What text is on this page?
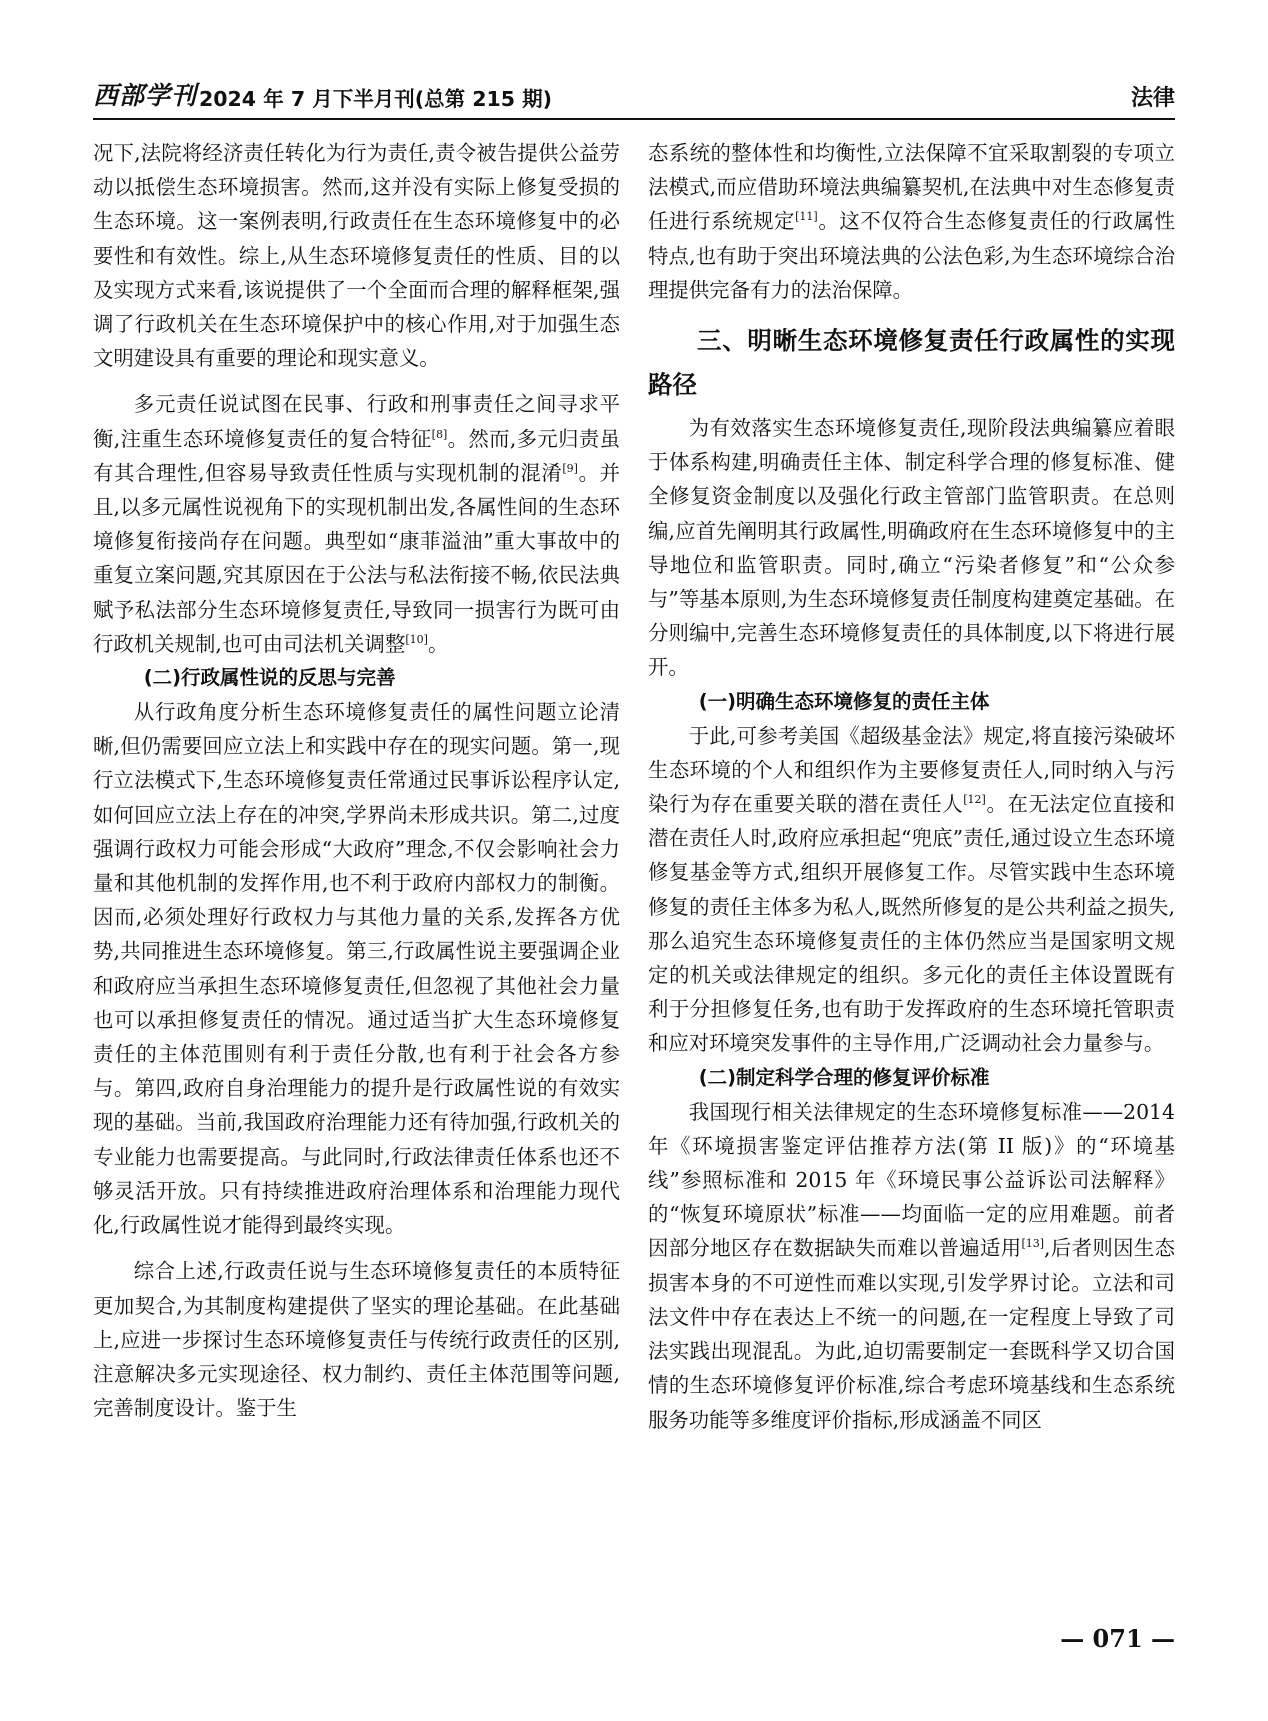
西部学刊 2024 年 7 月下半月刊(总第 215 期)	法律

况下,法院将经济责任转化为行为责任,责令被告提供公益劳动以抵偿生态环境损害。然而,这并没有实际上修复受损的生态环境。这一案例表明,行政责任在生态环境修复中的必要性和有效性。综上,从生态环境修复责任的性质、目的以及实现方式来看,该说提供了一个全面而合理的解释框架,强调了行政机关在生态环境保护中的核心作用,对于加强生态文明建设具有重要的理论和现实意义。

多元责任说试图在民事、行政和刑事责任之间寻求平衡,注重生态环境修复责任的复合特征[8]。然而,多元归责虽有其合理性,但容易导致责任性质与实现机制的混淆[9]。并且,以多元属性说视角下的实现机制出发,各属性间的生态环境修复衔接尚存在问题。典型如“康菲溢油”重大事故中的重复立案问题,究其原因在于公法与私法衔接不畅,依民法典赋予私法部分生态环境修复责任,导致同一损害行为既可由行政机关规制,也可由司法机关调整[10]。

(二)行政属性说的反思与完善

从行政角度分析生态环境修复责任的属性问题立论清晰,但仍需要回应立法上和实践中存在的现实问题。第一,现行立法模式下,生态环境修复责任常通过民事诉讼程序认定,如何回应立法上存在的冲突,学界尚未形成共识。第二,过度强调行政权力可能会形成“大政府”理念,不仅会影响社会力量和其他机制的发挥作用,也不利于政府内部权力的制衡。因而,必须处理好行政权力与其他力量的关系,发挥各方优势,共同推进生态环境修复。第三,行政属性说主要强调企业和政府应当承担生态环境修复责任,但忽视了其他社会力量也可以承担修复责任的情况。通过适当扩大生态环境修复责任的主体范围则有利于责任分散,也有利于社会各方参与。第四,政府自身治理能力的提升是行政属性说的有效实现的基础。当前,我国政府治理能力还有待加强,行政机关的专业能力也需要提高。与此同时,行政法律责任体系也还不够灵活开放。只有持续推进政府治理体系和治理能力现代化,行政属性说才能得到最终实现。

综合上述,行政责任说与生态环境修复责任的本质特征更加契合,为其制度构建提供了坚实的理论基础。在此基础上,应进一步探讨生态环境修复责任与传统行政责任的区别,注意解决多元实现途径、权力制约、责任主体范围等问题,完善制度设计。鉴于生

态系统的整体性和均衡性,立法保障不宜采取割裂的专项立法模式,而应借助环境法典编纂契机,在法典中对生态修复责任进行系统规定[11]。这不仅符合生态修复责任的行政属性特点,也有助于突出环境法典的公法色彩,为生态环境综合治理提供完备有力的法治保障。

三、明晰生态环境修复责任行政属性的实现路径

为有效落实生态环境修复责任,现阶段法典编纂应着眼于体系构建,明确责任主体、制定科学合理的修复标准、健全修复资金制度以及强化行政主管部门监管职责。在总则编,应首先阐明其行政属性,明确政府在生态环境修复中的主导地位和监管职责。同时,确立“污染者修复”和“公众参与”等基本原则,为生态环境修复责任制度构建奠定基础。在分则编中,完善生态环境修复责任的具体制度,以下将进行展开。

(一)明确生态环境修复的责任主体

于此,可参考美国《超级基金法》规定,将直接污染破坏生态环境的个人和组织作为主要修复责任人,同时纳入与污染行为存在重要关联的潜在责任人[12]。在无法定位直接和潜在责任人时,政府应承担起“兜底”责任,通过设立生态环境修复基金等方式,组织开展修复工作。尽管实践中生态环境修复的责任主体多为私人,既然所修复的是公共利益之损失,那么追究生态环境修复责任的主体仍然应当是国家明文规定的机关或法律规定的组织。多元化的责任主体设置既有利于分担修复任务,也有助于发挥政府的生态环境托管职责和应对环境突发事件的主导作用,广泛调动社会力量参与。

(二)制定科学合理的修复评价标准

我国现行相关法律规定的生态环境修复标准——2014 年《环境损害鉴定评估推荐方法(第 II 版)》的“环境基线”参照标准和 2015 年《环境民事公益诉讼司法解释》的“恢复环境原状”标准——均面临一定的应用难题。前者因部分地区存在数据缺失而难以普遍适用[13],后者则因生态损害本身的不可逆性而难以实现,引发学界讨论。立法和司法文件中存在表达上不统一的问题,在一定程度上导致了司法实践出现混乱。为此,迫切需要制定一套既科学又切合国情的生态环境修复评价标准,综合考虑环境基线和生态系统服务功能等多维度评价指标,形成涵盖不同区

— 071 —
